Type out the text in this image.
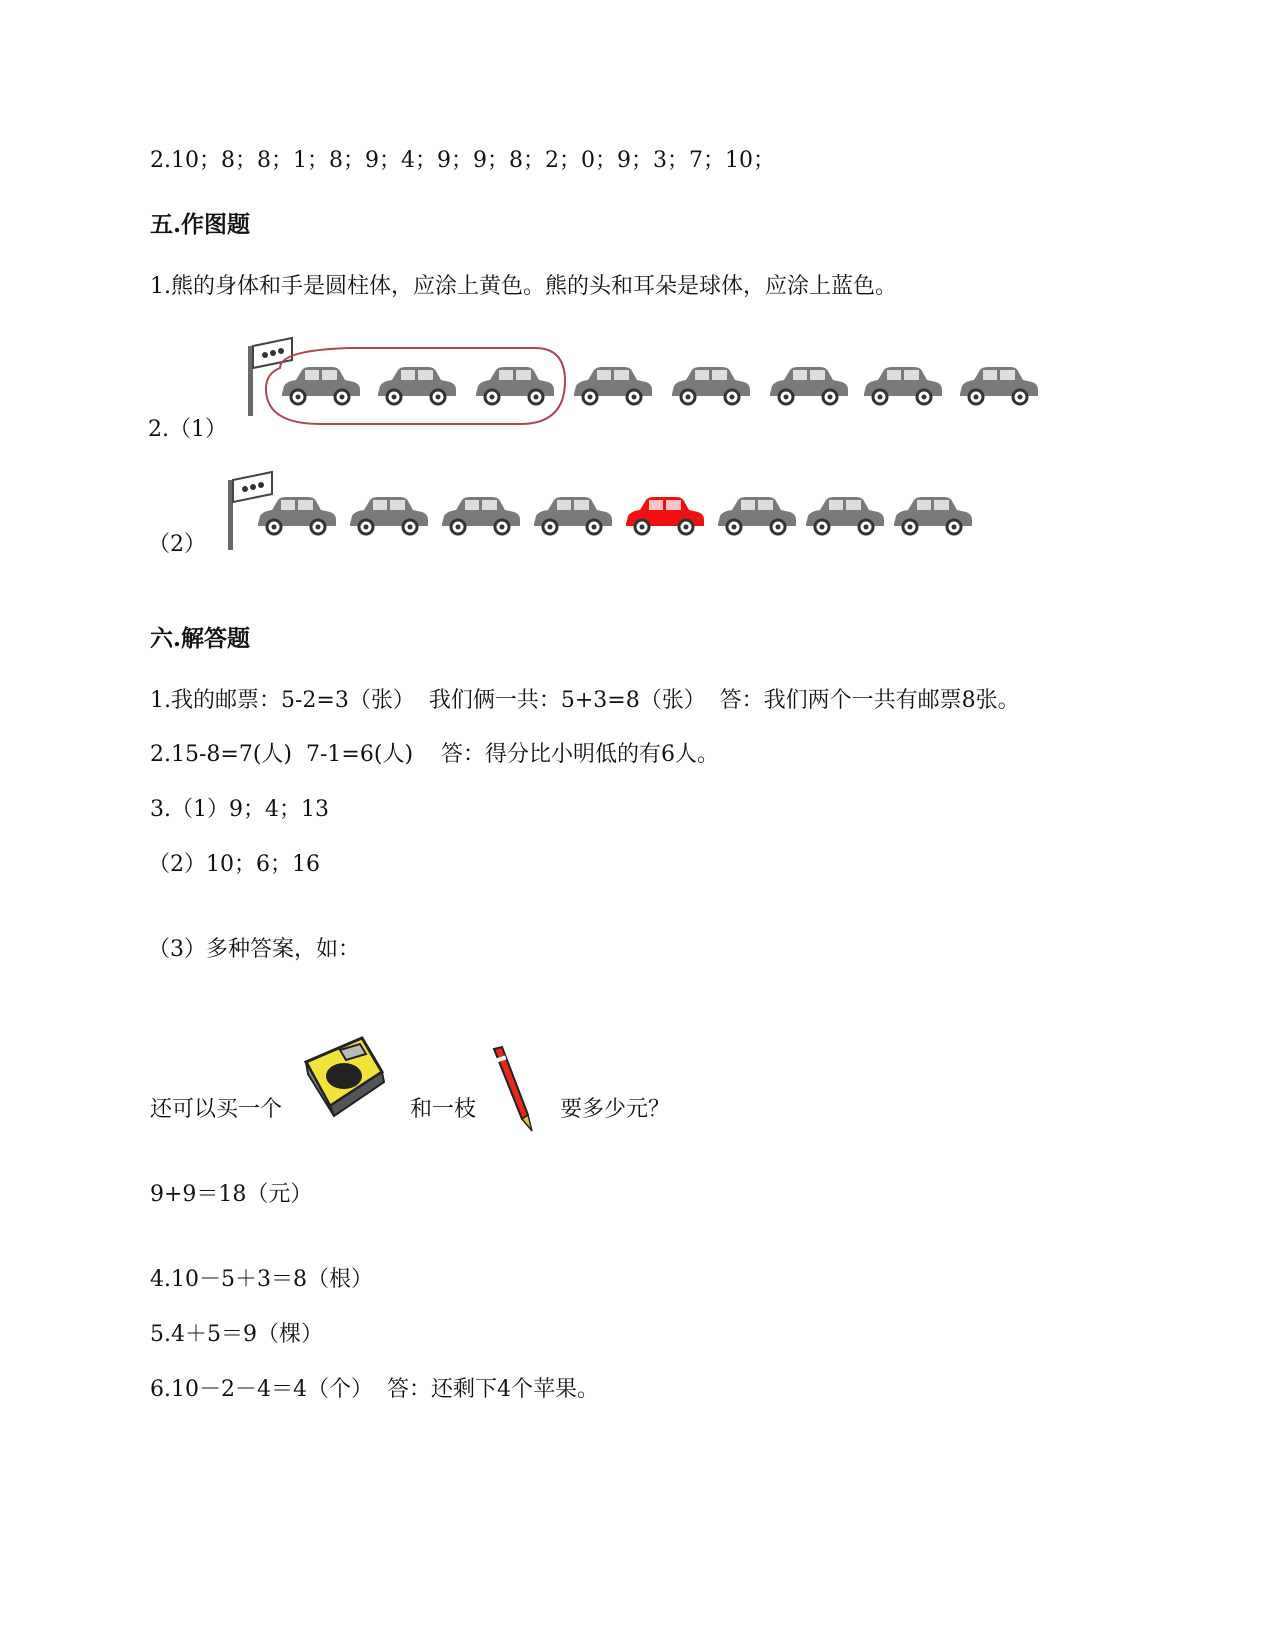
2.10；8；8；1；8；9；4；9；9；8；2；0；9；3；7；10；
五.作图题
1.熊的身体和手是圆柱体，应涂上黄色。熊的头和耳朵是球体，应涂上蓝色。
2.（1）
（2）
六.解答题
1.我的邮票：5-2=3（张）  我们俩一共：5+3=8（张）  答：我们两个一共有邮票8张。
2.15-8=7(人)  7-1=6(人)    答：得分比小明低的有6人。
3.（1）9；4；13
（2）10；6；16
（3）多种答案，如：
还可以买一个	和一枝	要多少元？
9+9＝18（元）
4.10－5＋3＝8（根）
5.4＋5＝9（棵）
6.10－2－4＝4（个）  答：还剩下4个苹果。
